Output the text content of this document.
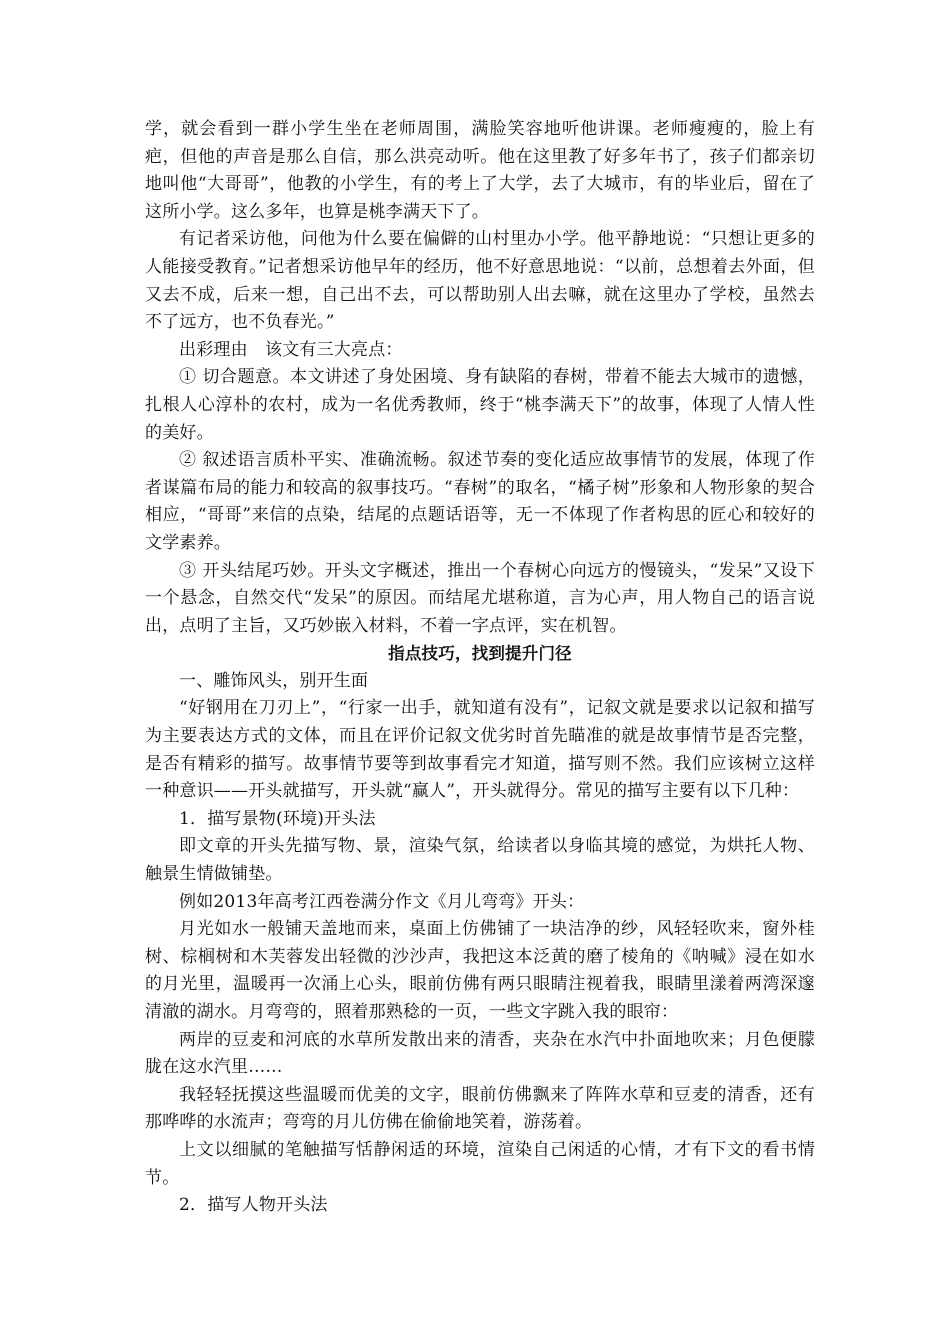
学，就会看到一群小学生坐在老师周围，满脸笑容地听他讲课。老师瘦瘦的，脸上有疤，但他的声音是那么自信，那么洪亮动听。他在这里教了好多年书了，孩子们都亲切地叫他“大哥哥”，他教的小学生，有的考上了大学，去了大城市，有的毕业后，留在了这所小学。这么多年，也算是桃李满天下了。

有记者采访他，问他为什么要在偏僻的山村里办小学。他平静地说：“只想让更多的人能接受教育。”记者想采访他早年的经历，他不好意思地说：“以前，总想着去外面，但又去不成，后来一想，自己出不去，可以帮助别人出去嘛，就在这里办了学校，虽然去不了远方，也不负春光。”

出彩理由　该文有三大亮点：

① 切合题意。本文讲述了身处困境、身有缺陷的春树，带着不能去大城市的遗憾，扎根人心淳朴的农村，成为一名优秀教师，终于“桃李满天下”的故事，体现了人情人性的美好。

② 叙述语言质朴平实、准确流畅。叙述节奏的变化适应故事情节的发展，体现了作者谋篇布局的能力和较高的叙事技巧。“春树”的取名，“橘子树”形象和人物形象的契合相应，“哥哥”来信的点染，结尾的点题话语等，无一不体现了作者构思的匠心和较好的文学素养。

③ 开头结尾巧妙。开头文字概述，推出一个春树心向远方的慢镜头，“发呆”又设下一个悬念，自然交代“发呆”的原因。而结尾尤堪称道，言为心声，用人物自己的语言说出，点明了主旨，又巧妙嵌入材料，不着一字点评，实在机智。

指点技巧，找到提升门径

一、雕饰风头，别开生面

“好钢用在刀刃上”，“行家一出手，就知道有没有”，记叙文就是要求以记叙和描写为主要表达方式的文体，而且在评价记叙文优劣时首先瞄准的就是故事情节是否完整，是否有精彩的描写。故事情节要等到故事看完才知道，描写则不然。我们应该树立这样一种意识——开头就描写，开头就“赢人”，开头就得分。常见的描写主要有以下几种：

1．描写景物(环境)开头法

即文章的开头先描写物、景，渲染气氛，给读者以身临其境的感觉，为烘托人物、触景生情做铺垫。

例如2013年高考江西卷满分作文《月儿弯弯》开头：

月光如水一般铺天盖地而来，桌面上仿佛铺了一块洁净的纱，风轻轻吹来，窗外桂树、棕榈树和木芙蓉发出轻微的沙沙声，我把这本泛黄的磨了棱角的《呐喊》浸在如水的月光里，温暖再一次涌上心头，眼前仿佛有两只眼睛注视着我，眼睛里漾着两湾深邃清澈的湖水。月弯弯的，照着那熟稔的一页，一些文字跳入我的眼帘：

两岸的豆麦和河底的水草所发散出来的清香，夹杂在水汽中扑面地吹来；月色便朦胧在这水汽里……

我轻轻抚摸这些温暖而优美的文字，眼前仿佛飘来了阵阵水草和豆麦的清香，还有那哗哗的水流声；弯弯的月儿仿佛在偷偷地笑着，游荡着。

上文以细腻的笔触描写恬静闲适的环境，渲染自己闲适的心情，才有下文的看书情节。

2．描写人物开头法
